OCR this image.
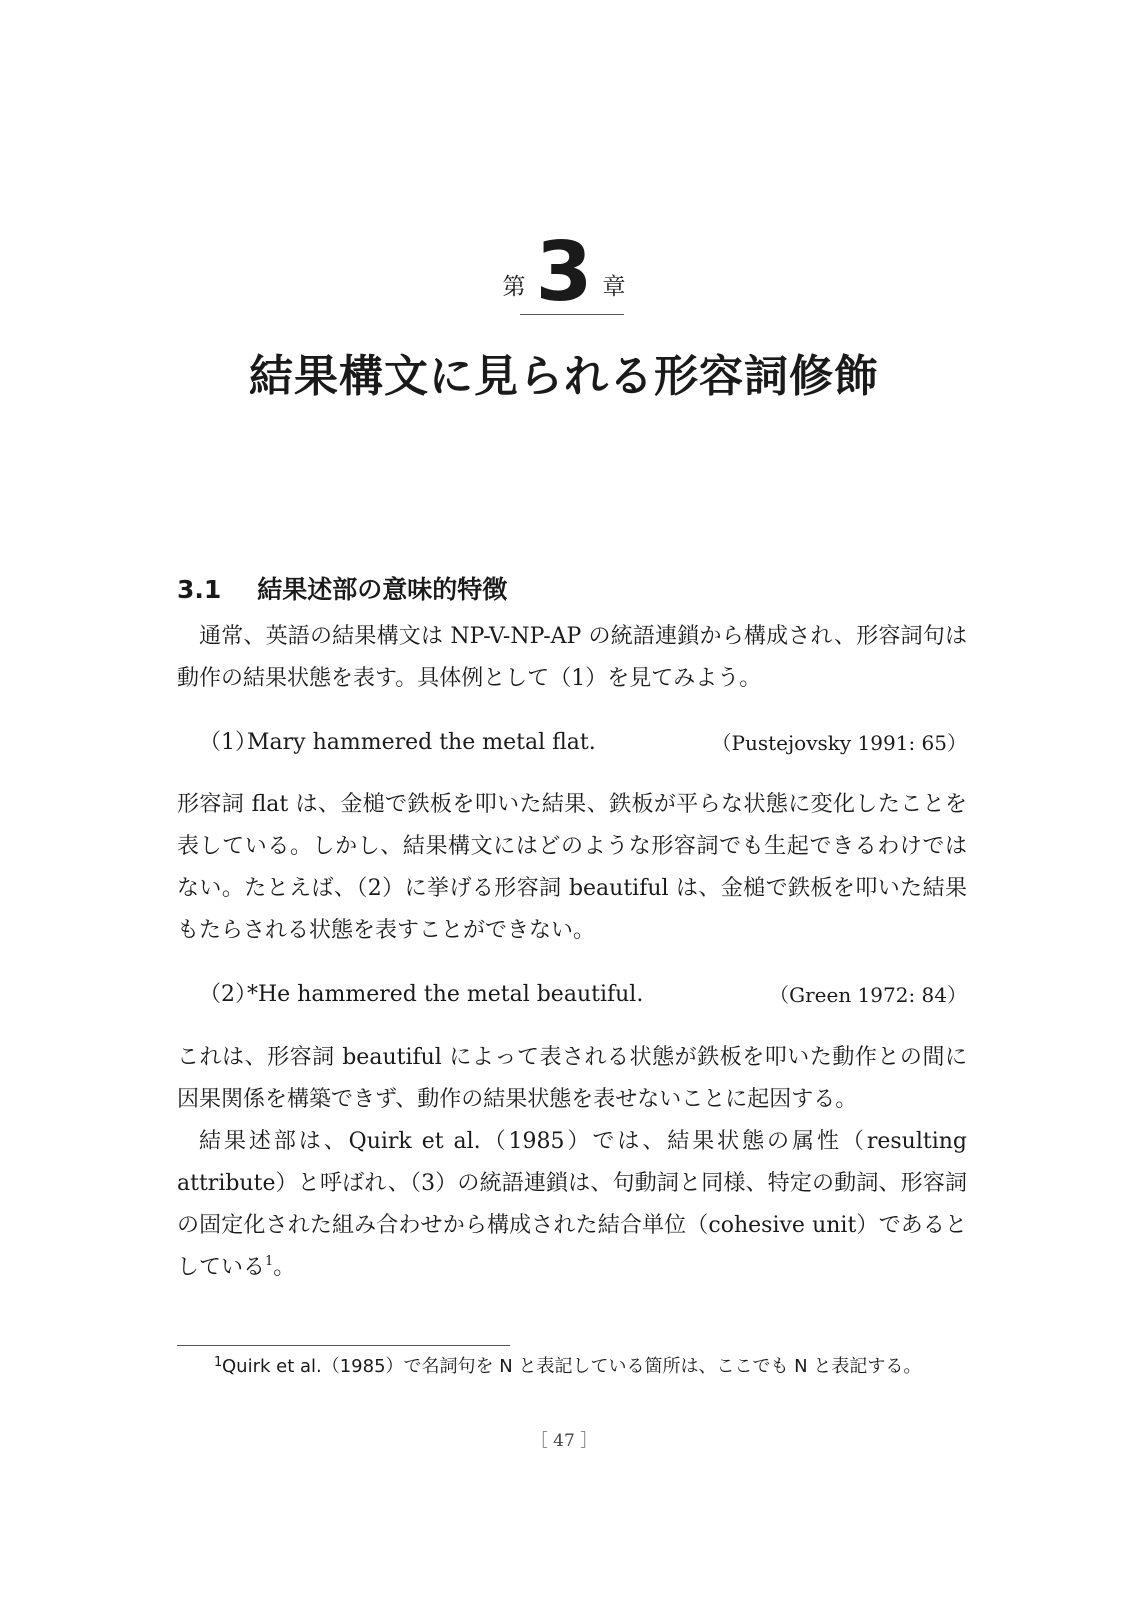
第 3 章
結果構文に見られる形容詞修飾
3.1 結果述部の意味的特徴

通常、英語の結果構文は NP-V-NP-AP の統語連鎖から構成され、形容詞句は動作の結果状態を表す。具体例として（1）を見てみよう。

（1）
Mary hammered the metal flat.	（Pustejovsky 1991: 65）

形容詞 flat は、金槌で鉄板を叩いた結果、鉄板が平らな状態に変化したことを表している。しかし、結果構文にはどのような形容詞でも生起できるわけではない。たとえば、（2）に挙げる形容詞 beautiful は、金槌で鉄板を叩いた結果もたらされる状態を表すことができない。

（2）
*He hammered the metal beautiful.	（Green 1972: 84）

これは、形容詞 beautiful によって表される状態が鉄板を叩いた動作との間に因果関係を構築できず、動作の結果状態を表せないことに起因する。

結果述部は、Quirk et al.（1985）では、結果状態の属性（resulting attribute）と呼ばれ、（3）の統語連鎖は、句動詞と同様、特定の動詞、形容詞の固定化された組み合わせから構成された結合単位（cohesive unit）であるとしている$^1$。

1 Quirk et al.（1985）で名詞句を N と表記している箇所は、ここでも N と表記する。

［ 47 ］
